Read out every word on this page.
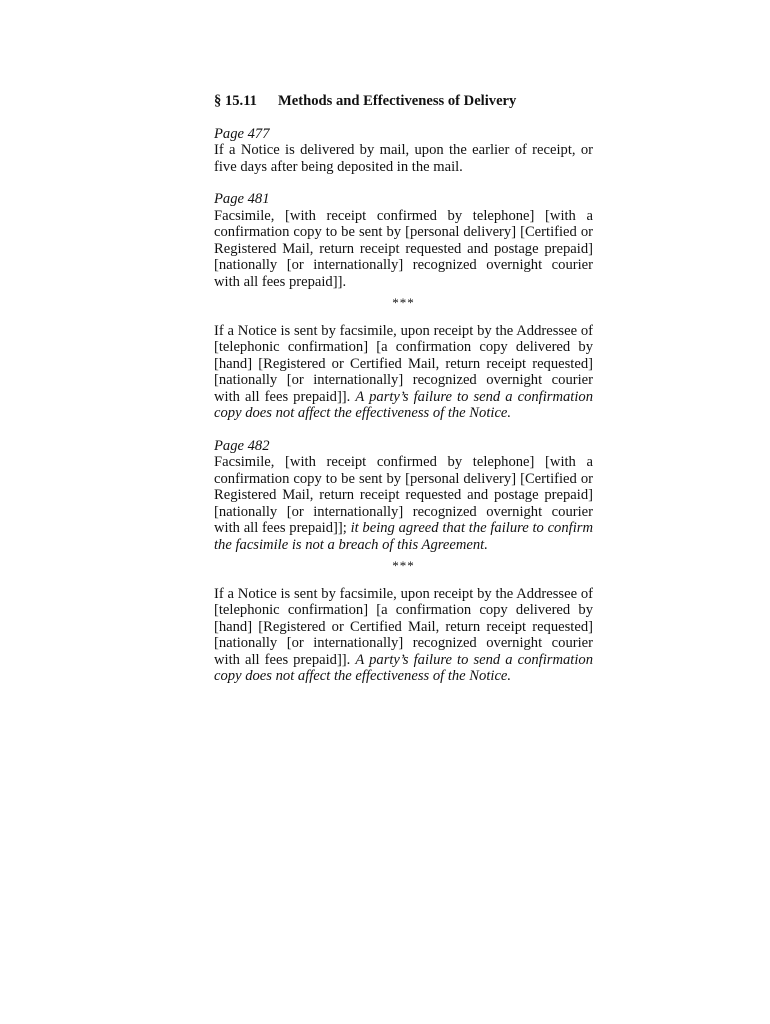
§ 15.11 Methods and Effectiveness of Delivery

Page 477

If a Notice is delivered by mail, upon the earlier of receipt, or five days after being deposited in the mail.

Page 481

Facsimile, [with receipt confirmed by telephone] [with a confirmation copy to be sent by [personal delivery] [Certified or Registered Mail, return receipt requested and postage prepaid] [nationally [or internationally] recognized overnight courier with all fees prepaid]].

***

If a Notice is sent by facsimile, upon receipt by the Addressee of [telephonic confirmation] [a confirmation copy delivered by [hand] [Registered or Certified Mail, return receipt requested] [nationally [or internationally] recognized overnight courier with all fees prepaid]]. A party’s failure to send a confirmation copy does not affect the effectiveness of the Notice.

Page 482

Facsimile, [with receipt confirmed by telephone] [with a confirmation copy to be sent by [personal delivery] [Certified or Registered Mail, return receipt requested and postage prepaid] [nationally [or internationally] recognized overnight courier with all fees prepaid]]; it being agreed that the failure to confirm the facsimile is not a breach of this Agreement.

***

If a Notice is sent by facsimile, upon receipt by the Addressee of [telephonic confirmation] [a confirmation copy delivered by [hand] [Registered or Certified Mail, return receipt requested] [nationally [or internationally] recognized overnight courier with all fees prepaid]]. A party’s failure to send a confirmation copy does not affect the effectiveness of the Notice.
